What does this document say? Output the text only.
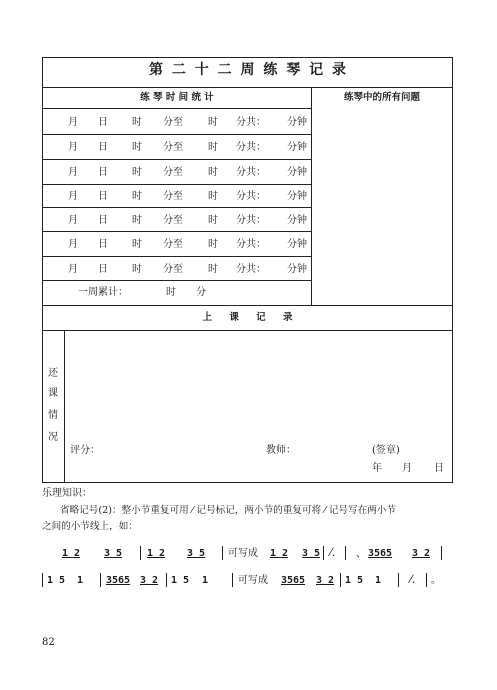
第 二 十 二 周 练 琴 记 录
练 琴 时 间 统 计	练琴中的所有问题
月 日 时 分至	时 分共： 分钟
月 日 时 分至	时 分共： 分钟
月 日 时 分至	时 分共： 分钟
月 日 时 分至	时 分共： 分钟
月 日 时 分至	时 分共： 分钟
月 日 时 分至	时 分共： 分钟
月 日 时 分至	时 分共： 分钟
一周累计：	时 分
上 课 记 录
还
课
情
况
评分：	教师：	(签章)
年 月 日
乐理知识：
省略记号(2)：整小节重复可用 ⁄ 记号标记，两小节的重复可将 ⁄ 记号写在两小节
之间的小节线上，如：
1 2 3 5 1 2 3 5 可写成 1 2 3 5 ⁄. 、 3565 3 2
1 5 1 3565 3 2 1 5 1	可写成 3565 3 2 1 5 1	⁄. 。
82
